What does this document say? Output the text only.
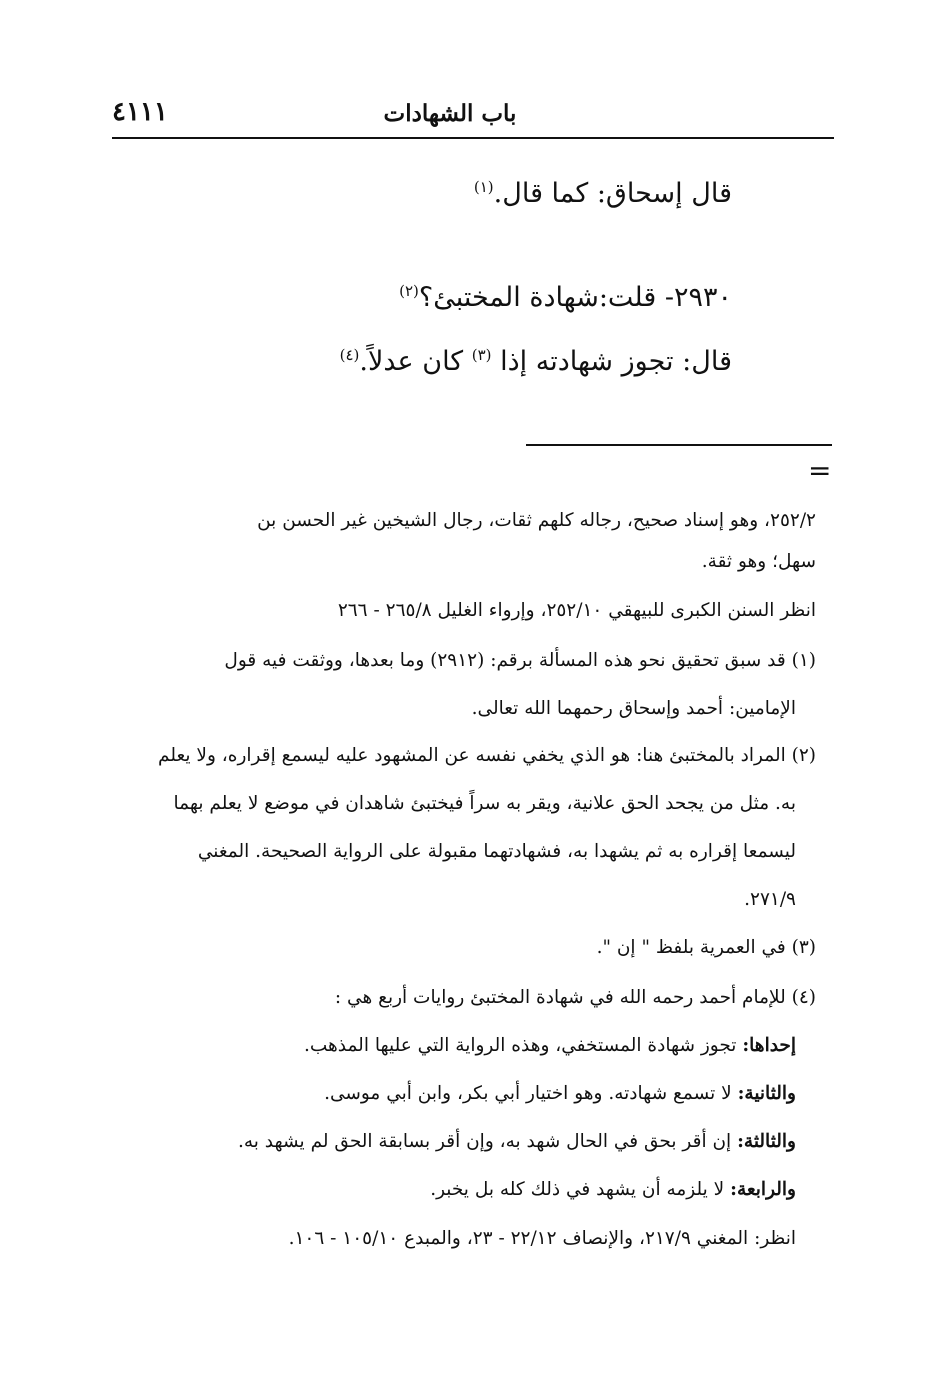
باب الشهادات
٤١١١
قال إسحاق: كما قال.$^{(١)}$
٢٩٣٠- قلت:شهادة المختبئ؟$^{(٢)}$
قال: تجوز شهادته إذا $^{(٣)}$ كان عدلاً.$^{(٤)}$
=
٢٥٢/٢، وهو إسناد صحيح، رجاله كلهم ثقات، رجال الشيخين غير الحسن بن
سهل؛ وهو ثقة.
انظر السنن الكبرى للبيهقي ٢٥٢/١٠، وإرواء الغليل ٢٦٥/٨ - ٢٦٦
(١) قد سبق تحقيق نحو هذه المسألة برقم: (٢٩١٢) وما بعدها، ووثقت فيه قول
الإمامين: أحمد وإسحاق رحمهما الله تعالى.
(٢) المراد بالمختبئ هنا: هو الذي يخفي نفسه عن المشهود عليه ليسمع إقراره، ولا يعلم
به. مثل من يجحد الحق علانية، ويقر به سراً فيختبئ شاهدان في موضع لا يعلم بهما
ليسمعا إقراره به ثم يشهدا به، فشهادتهما مقبولة على الرواية الصحيحة. المغني
٢٧١/٩.
(٣) في العمرية بلفظ " إن ".
(٤) للإمام أحمد رحمه الله في شهادة المختبئ روايات أربع هي :
إحداها: تجوز شهادة المستخفي، وهذه الرواية التي عليها المذهب.
والثانية: لا تسمع شهادته. وهو اختيار أبي بكر، وابن أبي موسى.
والثالثة: إن أقر بحق في الحال شهد به، وإن أقر بسابقة الحق لم يشهد به.
والرابعة: لا يلزمه أن يشهد في ذلك كله بل يخبر.
انظر: المغني ٢١٧/٩، والإنصاف ٢٢/١٢ - ٢٣، والمبدع ١٠٥/١٠ - ١٠٦.
